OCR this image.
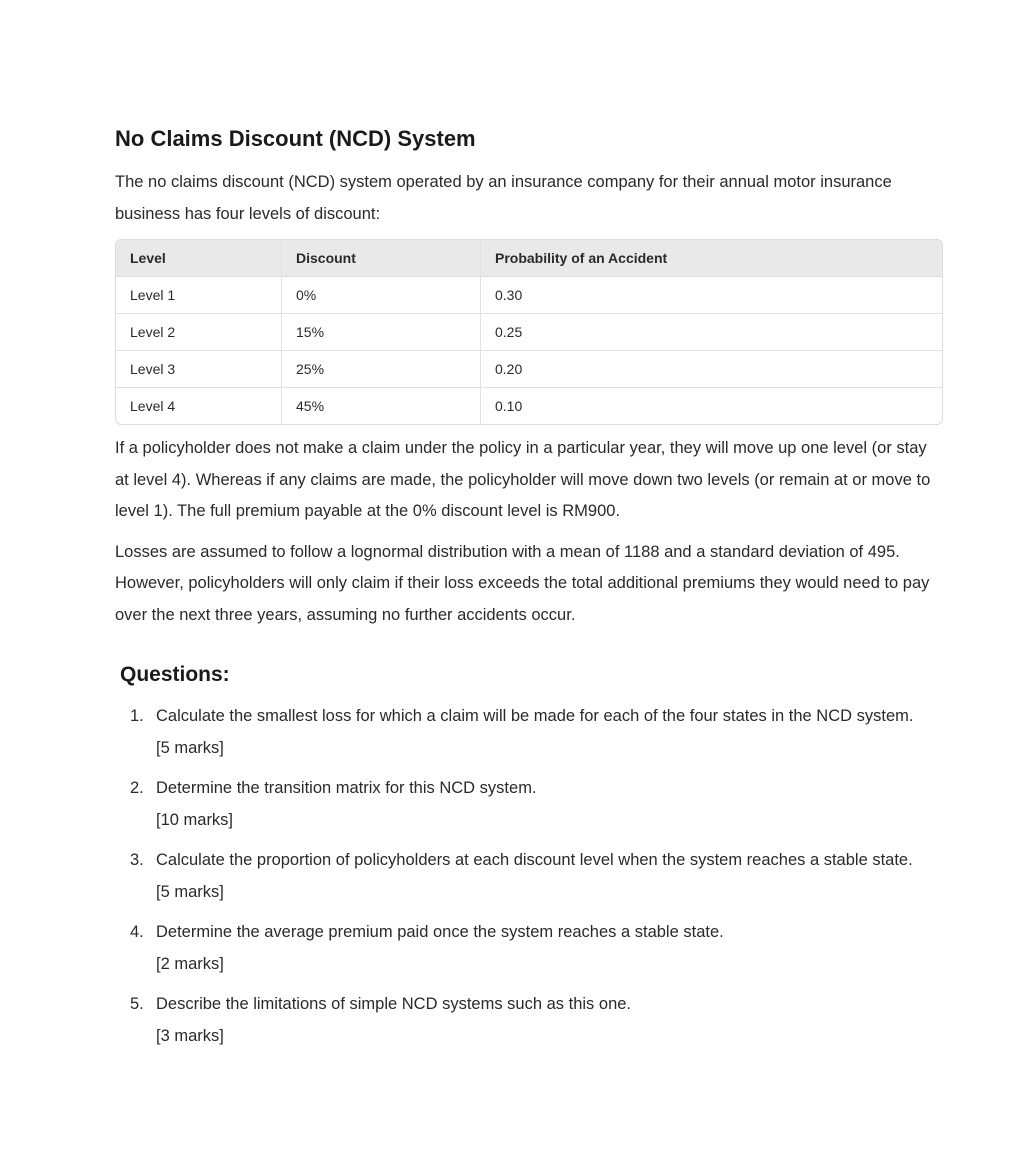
No Claims Discount (NCD) System

The no claims discount (NCD) system operated by an insurance company for their annual motor insurance business has four levels of discount:

Level	Discount	Probability of an Accident
Level 1	0%	0.30
Level 2	15%	0.25
Level 3	25%	0.20
Level 4	45%	0.10

If a policyholder does not make a claim under the policy in a particular year, they will move up one level (or stay at level 4). Whereas if any claims are made, the policyholder will move down two levels (or remain at or move to level 1). The full premium payable at the 0% discount level is RM900.

Losses are assumed to follow a lognormal distribution with a mean of 1188 and a standard deviation of 495. However, policyholders will only claim if their loss exceeds the total additional premiums they would need to pay over the next three years, assuming no further accidents occur.

Questions:
1. Calculate the smallest loss for which a claim will be made for each of the four states in the NCD system.
[5 marks]
2. Determine the transition matrix for this NCD system.
[10 marks]
3. Calculate the proportion of policyholders at each discount level when the system reaches a stable state.
[5 marks]
4. Determine the average premium paid once the system reaches a stable state.
[2 marks]
5. Describe the limitations of simple NCD systems such as this one.
[3 marks]
